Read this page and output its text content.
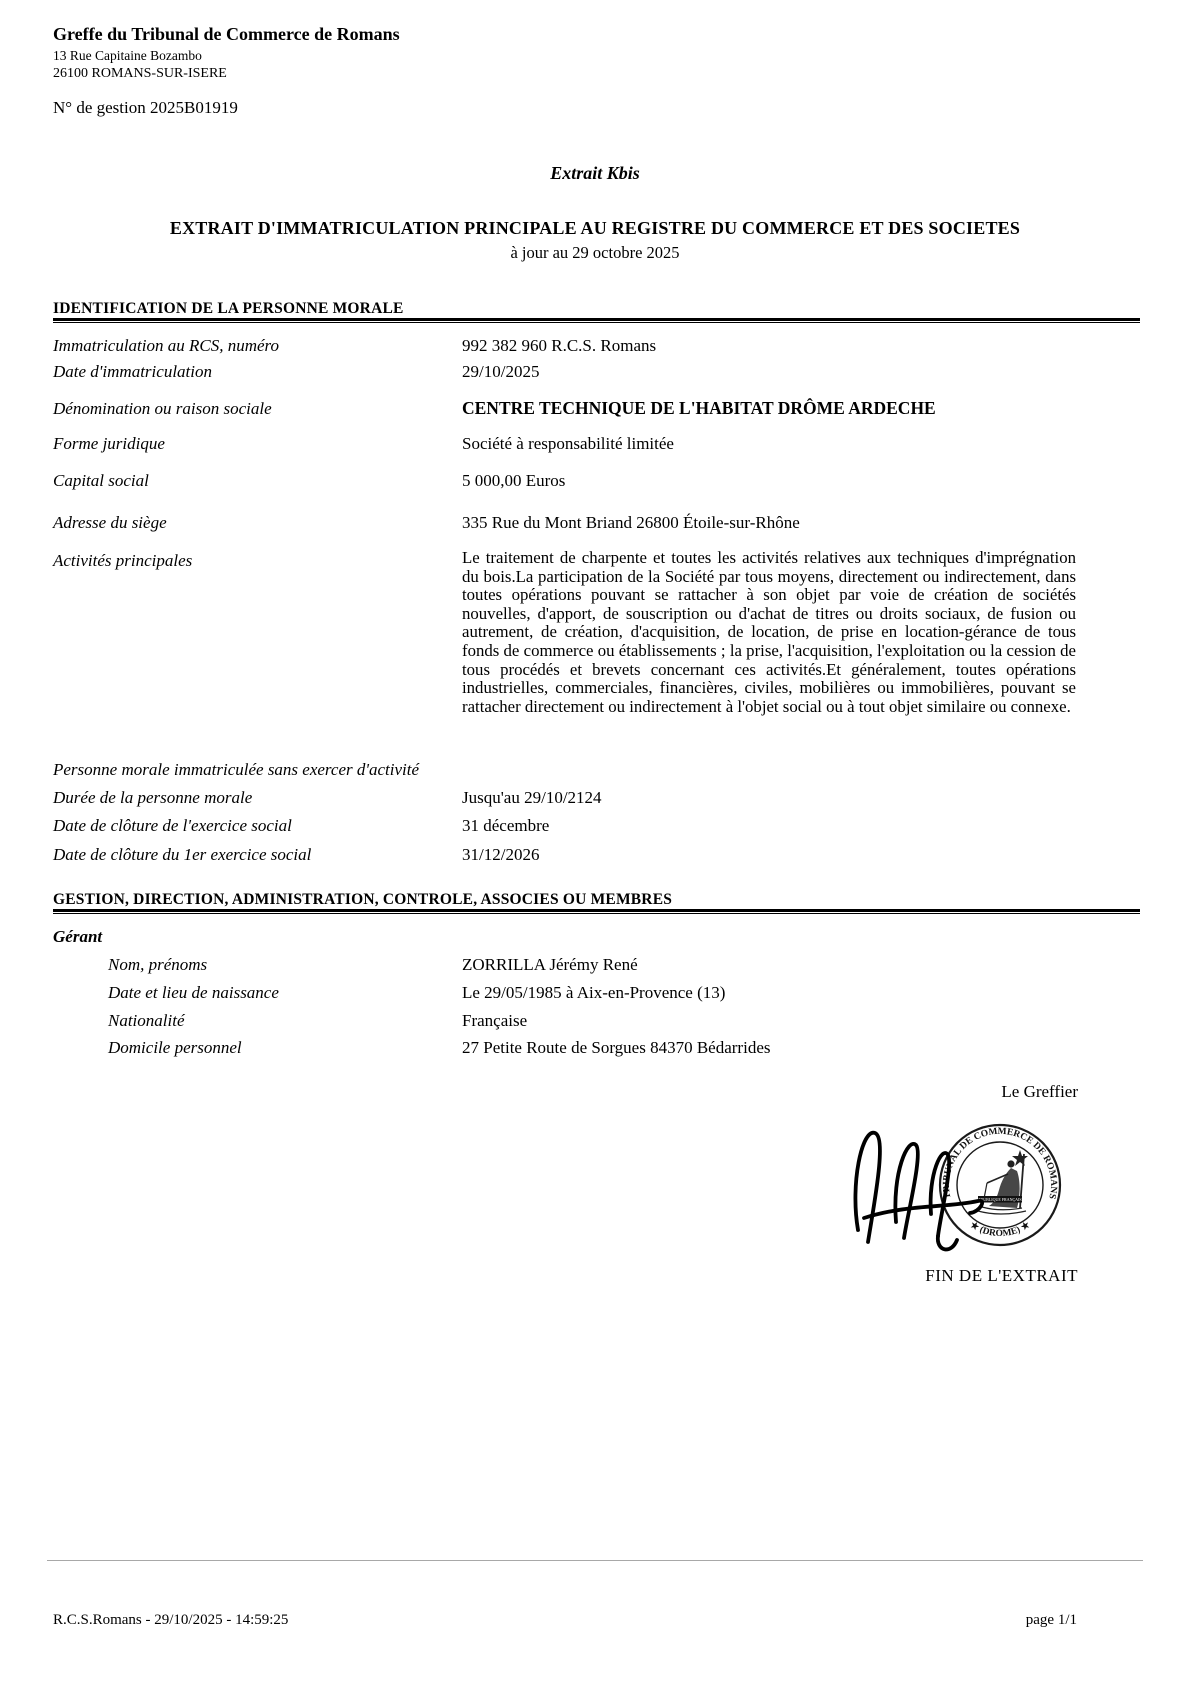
Greffe du Tribunal de Commerce de Romans
13 Rue Capitaine Bozambo
26100 ROMANS-SUR-ISERE
N° de gestion 2025B01919
Extrait Kbis
EXTRAIT D'IMMATRICULATION PRINCIPALE AU REGISTRE DU COMMERCE ET DES SOCIETES
à jour au 29 octobre 2025
IDENTIFICATION DE LA PERSONNE MORALE
Immatriculation au RCS, numéro	992 382 960 R.C.S. Romans
Date d'immatriculation	29/10/2025
Dénomination ou raison sociale	CENTRE TECHNIQUE DE L'HABITAT DRÔME ARDECHE
Forme juridique	Société à responsabilité limitée
Capital social	5 000,00 Euros
Adresse du siège	335 Rue du Mont Briand 26800 Étoile-sur-Rhône
Activités principales	Le traitement de charpente et toutes les activités relatives aux techniques d'imprégnation du bois.La participation de la Société par tous moyens, directement ou indirectement, dans toutes opérations pouvant se rattacher à son objet par voie de création de sociétés nouvelles, d'apport, de souscription ou d'achat de titres ou droits sociaux, de fusion ou autrement, de création, d'acquisition, de location, de prise en location-gérance de tous fonds de commerce ou établissements ; la prise, l'acquisition, l'exploitation ou la cession de tous procédés et brevets concernant ces activités.Et généralement, toutes opérations industrielles, commerciales, financières, civiles, mobilières ou immobilières, pouvant se rattacher directement ou indirectement à l'objet social ou à tout objet similaire ou connexe.
Personne morale immatriculée sans exercer d'activité
Durée de la personne morale	Jusqu'au 29/10/2124
Date de clôture de l'exercice social	31 décembre
Date de clôture du 1er exercice social	31/12/2026
GESTION, DIRECTION, ADMINISTRATION, CONTROLE, ASSOCIES OU MEMBRES
Gérant
Nom, prénoms	ZORRILLA Jérémy René
Date et lieu de naissance	Le 29/05/1985 à Aix-en-Provence (13)
Nationalité	Française
Domicile personnel	27 Petite Route de Sorgues 84370 Bédarrides
Le Greffier
TRIBUNAL DE COMMERCE DE ROMANS
★ (DROME) ★
REPUBLIQUE FRANÇAISE
FIN DE L'EXTRAIT
R.C.S.Romans - 29/10/2025 - 14:59:25	page 1/1
